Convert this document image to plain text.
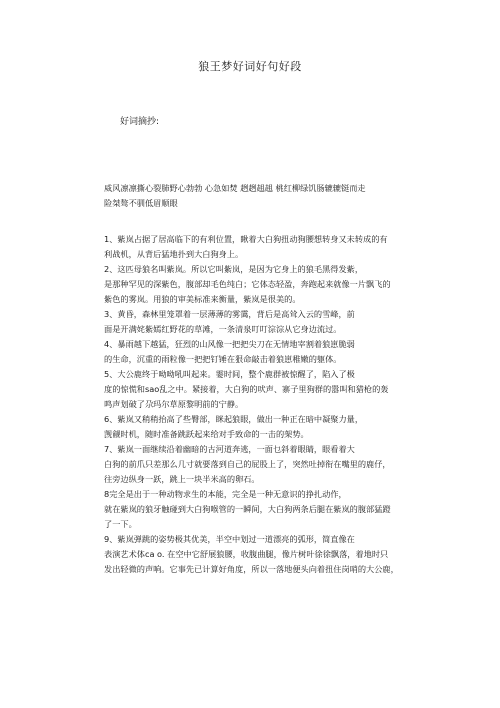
狼王梦好词好句好段
好词摘抄:
威风凛凛撕心裂肺野心勃勃 心急如焚 趔趔趄趄 桃红柳绿饥肠辘辘铤而走
险桀骜不驯低眉顺眼
1、紫岚占据了居高临下的有利位置，瞅着大白狗扭动狗腰想转身又未转成的有
利战机，从背后猛地扑到大白狗身上。
2、这匹母狼名叫紫岚。所以它叫紫岚，是因为它身上的狼毛黑得发紫，
是那种罕见的深紫色，腹部却毛色纯白；它体态轻盈，奔跑起来就像一片飘飞的
紫色的雾岚。用狼的审美标准来衡量，紫岚是很美的。
3、黄昏，森林里笼罩着一层薄薄的雾霭，背后是高耸入云的雪峰，前
面是开满姹紫嫣红野花的草滩，一条清泉叮叮淙淙从它身边流过。
4、暴雨越下越猛，狂烈的山风像一把把尖刀在无情地宰割着狼崽脆弱
的生命，沉重的雨粒像一把把钉锤在狠命敲击着狼崽稚嫩的躯体。
5、大公鹿终于呦呦吼叫起来。霎时间，整个鹿群被惊醒了，陷入了极
度的惊慌和sao乱之中。紧接着，大白狗的吠声、寨子里狗群的嚣叫和猎枪的轰
鸣声划破了尕玛尔草原黎明前的宁静。
6、紫岚又稍稍抬高了些臀部，眯起狼眼，做出一种正在暗中凝聚力量，
觊觎时机，随时准备跳跃起来给对手致命的一击的架势。
7、紫岚一面继续沿着幽暗的古河道奔逃，一面乜斜着眼睛，眼看着大
白狗的前爪只差那么几寸就要落到自己的屁股上了，突然吐掉衔在嘴里的鹿仔，
往旁边纵身一跃，跳上一块半米高的卵石。
8完全是出于一种动物求生的本能，完全是一种无意识的挣扎动作，
就在紫岚的狼牙触碰到大白狗喉管的一瞬间，大白狗两条后腿在紫岚的腹部猛蹬
了一下。
9、紫岚弹跳的姿势极其优美，半空中划过一道漂亮的弧形，简直像在
表演艺术体ca o. 在空中它舒展狼腰，收腹曲腿，像片树叶徐徐飘落，着地时只
发出轻微的声响。它事先已计算好角度，所以一落地便头向着扭住岗哨的大公鹿，
